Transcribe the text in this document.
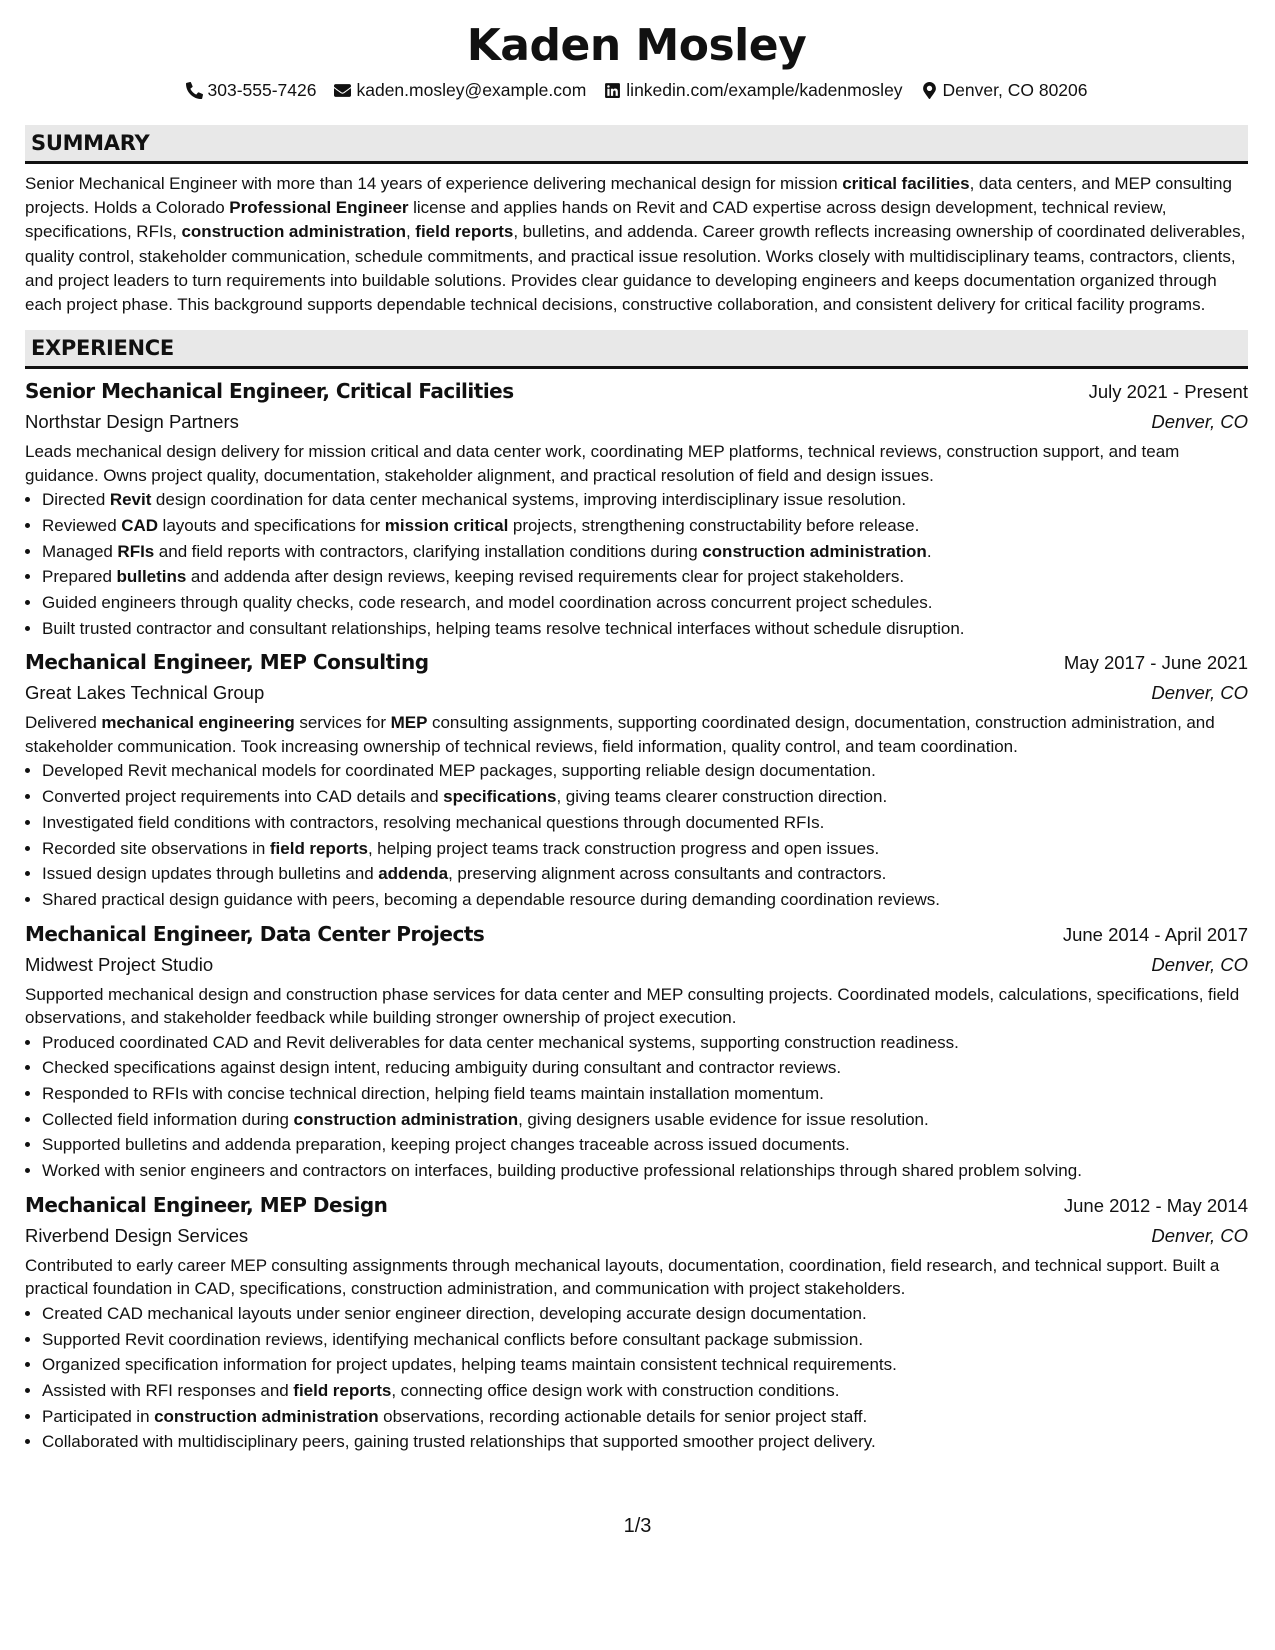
Kaden Mosley
303-555-7426 kaden.mosley@example.com linkedin.com/example/kadenmosley Denver, CO 80206
SUMMARY

Senior Mechanical Engineer with more than 14 years of experience delivering mechanical design for mission critical facilities, data centers, and MEP consulting projects. Holds a Colorado Professional Engineer license and applies hands on Revit and CAD expertise across design development, technical review, specifications, RFIs, construction administration, field reports, bulletins, and addenda. Career growth reflects increasing ownership of coordinated deliverables, quality control, stakeholder communication, schedule commitments, and practical issue resolution. Works closely with multidisciplinary teams, contractors, clients, and project leaders to turn requirements into buildable solutions. Provides clear guidance to developing engineers and keeps documentation organized through each project phase. This background supports dependable technical decisions, constructive collaboration, and consistent delivery for critical facility programs.

EXPERIENCE
Senior Mechanical Engineer, Critical Facilities	July 2021 - Present
Northstar Design Partners	Denver, CO

Leads mechanical design delivery for mission critical and data center work, coordinating MEP platforms, technical reviews, construction support, and team guidance. Owns project quality, documentation, stakeholder alignment, and practical resolution of field and design issues.

• Directed Revit design coordination for data center mechanical systems, improving interdisciplinary issue resolution.
• Reviewed CAD layouts and specifications for mission critical projects, strengthening constructability before release.
• Managed RFIs and field reports with contractors, clarifying installation conditions during construction administration.
• Prepared bulletins and addenda after design reviews, keeping revised requirements clear for project stakeholders.
• Guided engineers through quality checks, code research, and model coordination across concurrent project schedules.
• Built trusted contractor and consultant relationships, helping teams resolve technical interfaces without schedule disruption.
Mechanical Engineer, MEP Consulting	May 2017 - June 2021
Great Lakes Technical Group	Denver, CO

Delivered mechanical engineering services for MEP consulting assignments, supporting coordinated design, documentation, construction administration, and stakeholder communication. Took increasing ownership of technical reviews, field information, quality control, and team coordination.

• Developed Revit mechanical models for coordinated MEP packages, supporting reliable design documentation.
• Converted project requirements into CAD details and specifications, giving teams clearer construction direction.
• Investigated field conditions with contractors, resolving mechanical questions through documented RFIs.
• Recorded site observations in field reports, helping project teams track construction progress and open issues.
• Issued design updates through bulletins and addenda, preserving alignment across consultants and contractors.
• Shared practical design guidance with peers, becoming a dependable resource during demanding coordination reviews.
Mechanical Engineer, Data Center Projects	June 2014 - April 2017
Midwest Project Studio	Denver, CO

Supported mechanical design and construction phase services for data center and MEP consulting projects. Coordinated models, calculations, specifications, field observations, and stakeholder feedback while building stronger ownership of project execution.

• Produced coordinated CAD and Revit deliverables for data center mechanical systems, supporting construction readiness.
• Checked specifications against design intent, reducing ambiguity during consultant and contractor reviews.
• Responded to RFIs with concise technical direction, helping field teams maintain installation momentum.
• Collected field information during construction administration, giving designers usable evidence for issue resolution.
• Supported bulletins and addenda preparation, keeping project changes traceable across issued documents.
• Worked with senior engineers and contractors on interfaces, building productive professional relationships through shared problem solving.
Mechanical Engineer, MEP Design	June 2012 - May 2014
Riverbend Design Services	Denver, CO

Contributed to early career MEP consulting assignments through mechanical layouts, documentation, coordination, field research, and technical support. Built a practical foundation in CAD, specifications, construction administration, and communication with project stakeholders.

• Created CAD mechanical layouts under senior engineer direction, developing accurate design documentation.
• Supported Revit coordination reviews, identifying mechanical conflicts before consultant package submission.
• Organized specification information for project updates, helping teams maintain consistent technical requirements.
• Assisted with RFI responses and field reports, connecting office design work with construction conditions.
• Participated in construction administration observations, recording actionable details for senior project staff.
• Collaborated with multidisciplinary peers, gaining trusted relationships that supported smoother project delivery.
1/3
